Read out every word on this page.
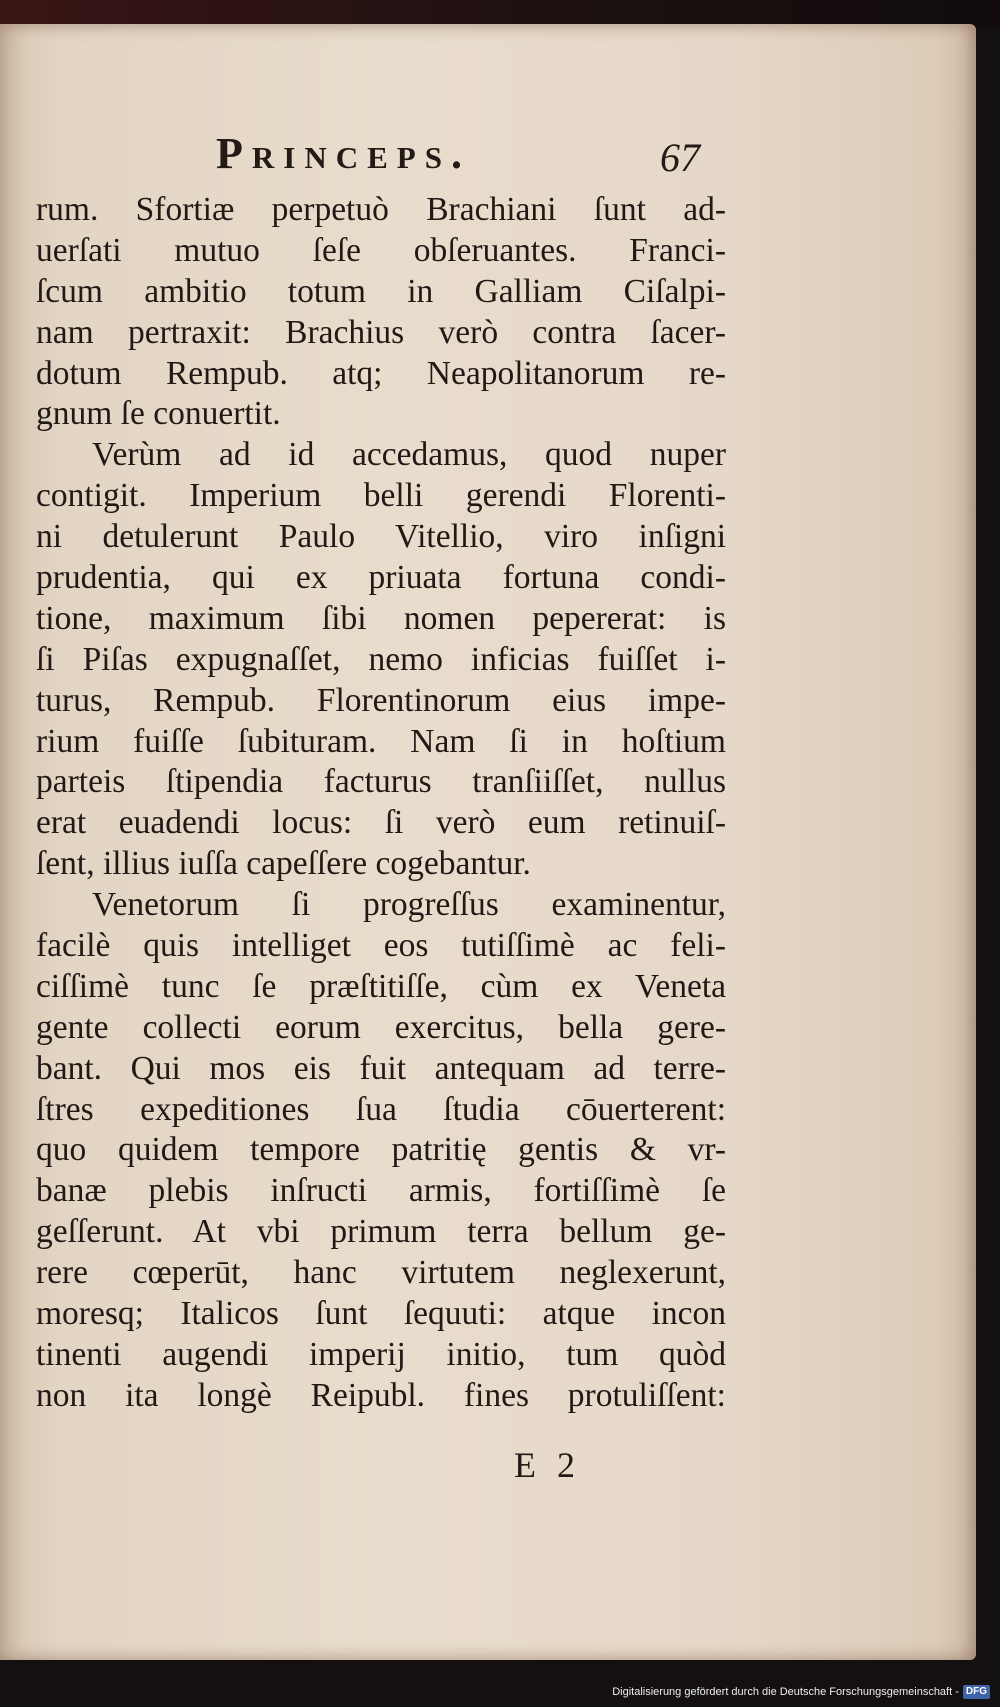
Princeps.	67
rum. Sfortiæ perpetuò Brachiani ſunt ad-
uerſati mutuo ſeſe obſeruantes. Franci-
ſcum ambitio totum in Galliam Ciſalpi-
nam pertraxit: Brachius verò contra ſacer-
dotum Rempub. atq; Neapolitanorum re-
gnum ſe conuertit.
Verùm ad id accedamus, quod nuper
contigit. Imperium belli gerendi Florenti-
ni detulerunt Paulo Vitellio, viro inſigni
prudentia, qui ex priuata fortuna condi-
tione, maximum ſibi nomen pepererat: is
ſi Piſas expugnaſſet, nemo inficias fuiſſet i-
turus, Rempub. Florentinorum eius impe-
rium fuiſſe ſubituram. Nam ſi in hoſtium
parteis ſtipendia facturus tranſiiſſet, nullus
erat euadendi locus: ſi verò eum retinuiſ-
ſent, illius iuſſa capeſſere cogebantur.
Venetorum ſi progreſſus examinentur,
facilè quis intelliget eos tutiſſimè ac feli-
ciſſimè tunc ſe præſtitiſſe, cùm ex Veneta
gente collecti eorum exercitus, bella gere-
bant. Qui mos eis fuit antequam ad terre-
ſtres expeditiones ſua ſtudia cōuerterent:
quo quidem tempore patritię gentis & vr-
banæ plebis inſructi armis, fortiſſimè ſe
geſſerunt. At vbi primum terra bellum ge-
rere cœperūt, hanc virtutem neglexerunt,
moresq; Italicos ſunt ſequuti: atque incon
tinenti augendi imperij initio, tum quòd
non ita longè Reipubl. fines protuliſſent:
E 2
Digitalisierung gefördert durch die Deutsche Forschungsgemeinschaft - DFG
